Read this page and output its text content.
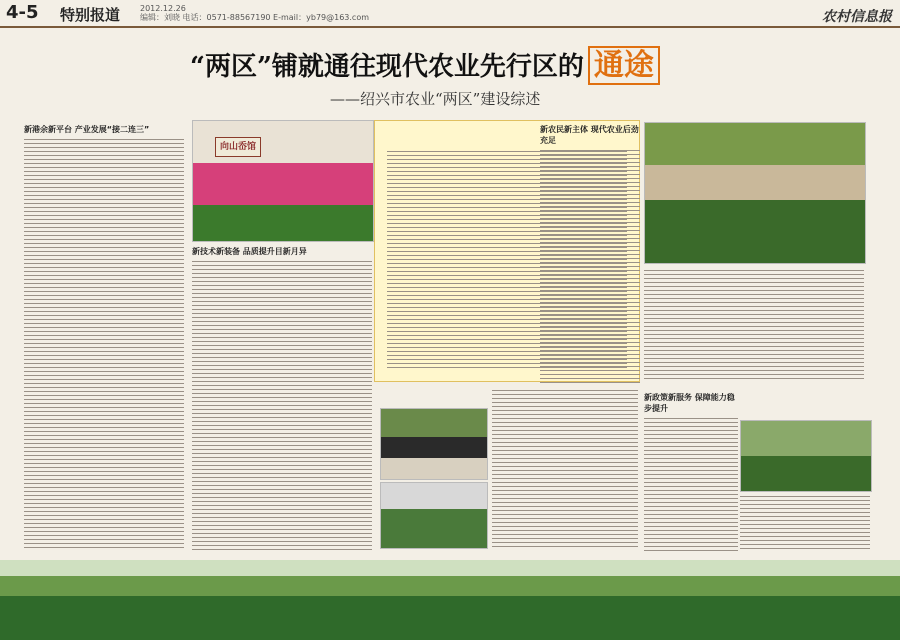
4-5 特别报道 2012.12.26
编辑：刘晓 电话：0571-88567190 E-mail：yb79@163.com	农村信息报
“两区”铺就通往现代农业先行区的 通途
——绍兴市农业“两区”建设综述
新港余新平台 产业发展“接二连三”
向山岙馆
新技术新装备 品质提升目新月异
新农民新主体 现代农业后劲充足
新政策新服务 保障能力稳步提升
